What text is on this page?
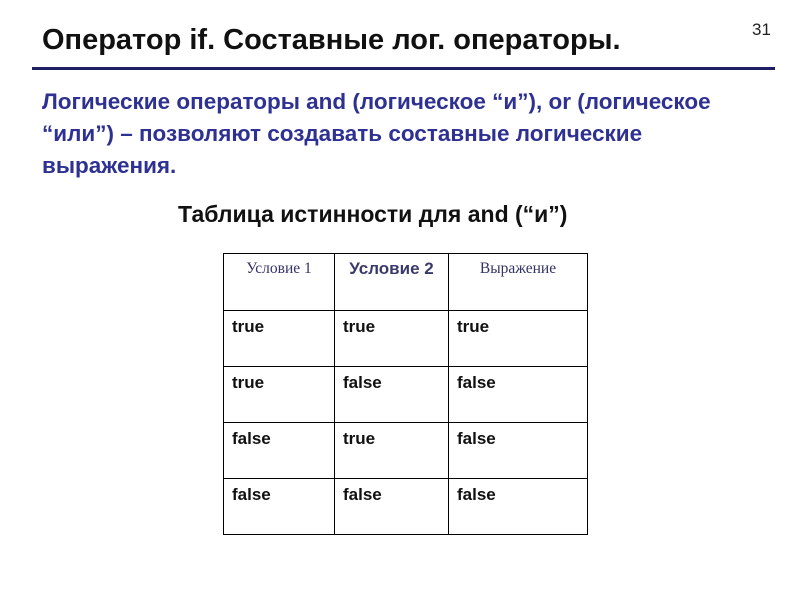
Оператор if. Составные лог. операторы.	31
Логические операторы and (логическое “и”), or (логическое “или”) – позволяют создавать составные логические выражения.
Таблица истинности для and (“и”)
Условие 1	Условие 2	Выражение
true	true	true
true	false	false
false	true	false
false	false	false
